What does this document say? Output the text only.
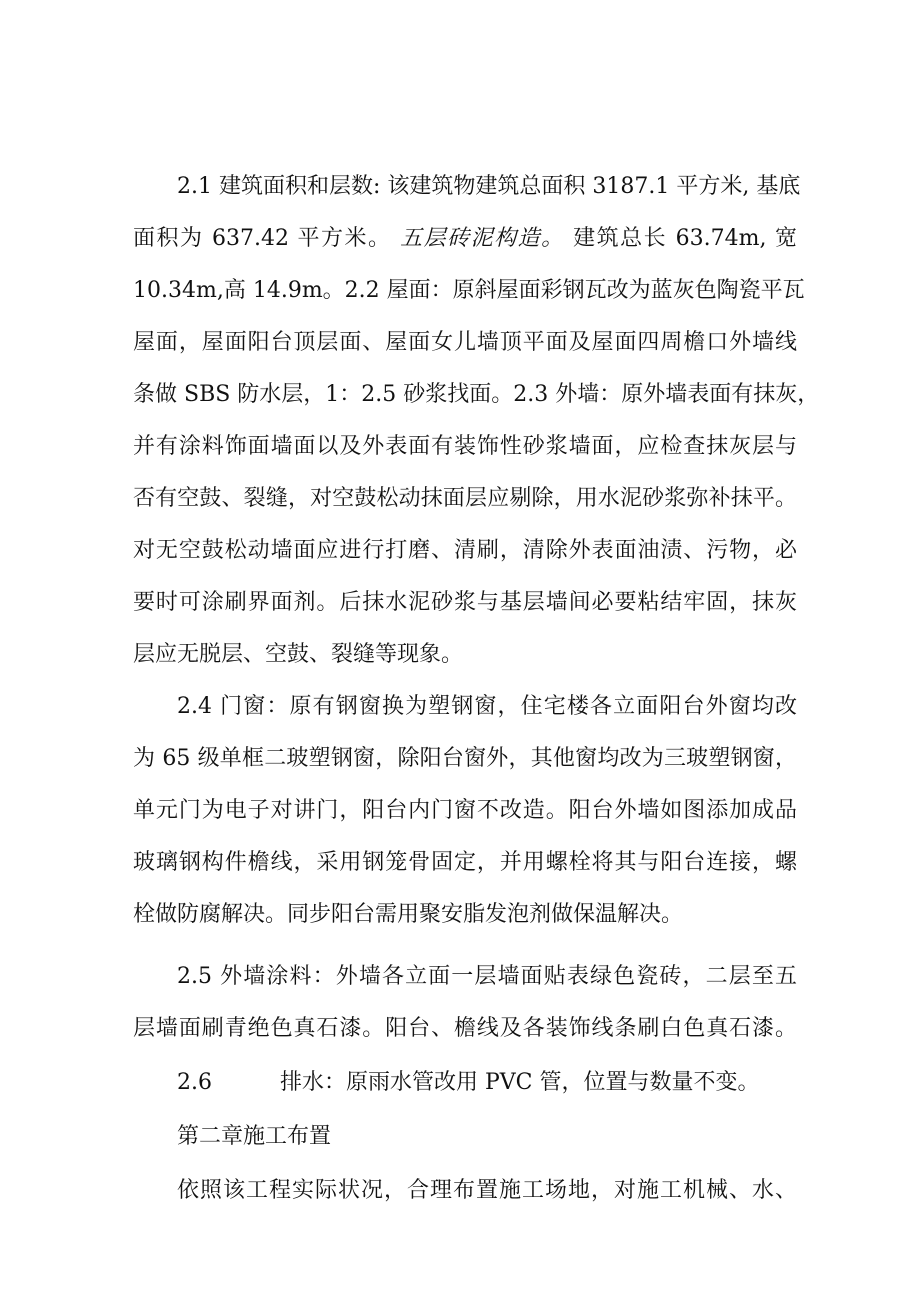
2.1 建筑面积和层数: 该建筑物建筑总面积 3187.1 平方米, 基底
面积为 637.42 平方米。 五层砖泥构造。 建筑总长 63.74m, 宽
10.34m,高 14.9m。2.2 屋面：原斜屋面彩钢瓦改为蓝灰色陶瓷平瓦
屋面，屋面阳台顶层面、屋面女儿墙顶平面及屋面四周檐口外墙线
条做 SBS 防水层，1：2.5 砂浆找面。2.3 外墙：原外墙表面有抹灰，
并有涂料饰面墙面以及外表面有装饰性砂浆墙面，应检查抹灰层与
否有空鼓、裂缝，对空鼓松动抹面层应剔除，用水泥砂浆弥补抹平。
对无空鼓松动墙面应进行打磨、清刷，清除外表面油渍、污物，必
要时可涂刷界面剂。后抹水泥砂浆与基层墙间必要粘结牢固，抹灰
层应无脱层、空鼓、裂缝等现象。
2.4 门窗：原有钢窗换为塑钢窗，住宅楼各立面阳台外窗均改
为 65 级单框二玻塑钢窗，除阳台窗外，其他窗均改为三玻塑钢窗，
单元门为电子对讲门，阳台内门窗不改造。阳台外墙如图添加成品
玻璃钢构件檐线，采用钢笼骨固定，并用螺栓将其与阳台连接，螺
栓做防腐解决。同步阳台需用聚安脂发泡剂做保温解决。
2.5 外墙涂料：外墙各立面一层墙面贴表绿色瓷砖，二层至五
层墙面刷青绝色真石漆。阳台、檐线及各装饰线条刷白色真石漆。
2.6	排水：原雨水管改用 PVC 管，位置与数量不变。
第二章施工布置
依照该工程实际状况，合理布置施工场地，对施工机械、水、
